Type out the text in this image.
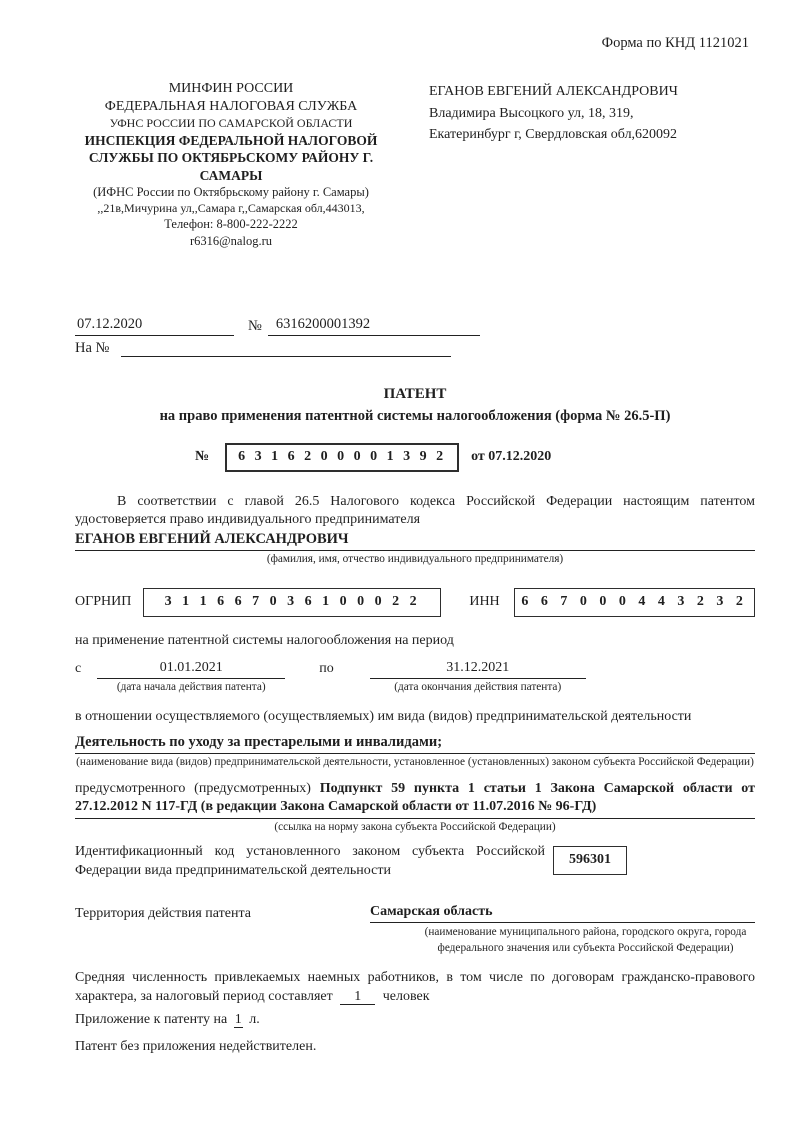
Форма по КНД 1121021
МИНФИН РОССИИ
ФЕДЕРАЛЬНАЯ НАЛОГОВАЯ СЛУЖБА
УФНС РОССИИ ПО САМАРСКОЙ ОБЛАСТИ
ИНСПЕКЦИЯ ФЕДЕРАЛЬНОЙ НАЛОГОВОЙ
СЛУЖБЫ ПО ОКТЯБРЬСКОМУ РАЙОНУ Г. САМАРЫ
(ИФНС России по Октябрьскому району г. Самары)
,,21в,Мичурина ул,,Самара г,,Самарская обл,443013,
Телефон: 8-800-222-2222
r6316@nalog.ru
ЕГАНОВ ЕВГЕНИЙ АЛЕКСАНДРОВИЧ
Владимира Высоцкого ул, 18, 319,
Екатеринбург г, Свердловская обл,620092
07.12.2020	№ 6316200001392
На №
ПАТЕНТ
на право применения патентной системы налогообложения (форма № 26.5-П)
№	6 3 1 6 2 0 0 0 0 1 3 9 2	от 07.12.2020

В соответствии с главой 26.5 Налогового кодекса Российской Федерации настоящим патентом удостоверяется право индивидуального предпринимателя

ЕГАНОВ ЕВГЕНИЙ АЛЕКСАНДРОВИЧ
(фамилия, имя, отчество индивидуального предпринимателя)
ОГРНИП	3 1 1 6 6 7 0 3 6 1 0 0 0 2 2	ИНН	6 6 7 0 0 0 4 4 3 2 3 2
на применение патентной системы налогообложения на период
с	01.01.2021
(дата начала действия патента)
по	31.12.2021
(дата окончания действия патента)

в отношении осуществляемого (осуществляемых) им вида (видов) предпринимательской деятельности

Деятельность по уходу за престарелыми и инвалидами;
(наименование вида (видов) предпринимательской деятельности, установленное (установленных) законом субъекта Российской Федерации)

предусмотренного (предусмотренных) Подпункт 59 пункта 1 статьи 1 Закона Самарской области от 27.12.2012 N 117-ГД (в редакции Закона Самарской области от 11.07.2016 № 96-ГД)

(ссылка на норму закона субъекта Российской Федерации)
Идентификационный код установленного законом субъекта Российской Федерации вида предпринимательской деятельности
596301
Территория действия патента	Самарская область
(наименование муниципального района, городского округа, города федерального значения или субъекта Российской Федерации)

Средняя численность привлекаемых наемных работников, в том числе по договорам гражданско-правового характера, за налоговый период составляет 1 человек

Приложение к патенту на 1 л.
Патент без приложения недействителен.
